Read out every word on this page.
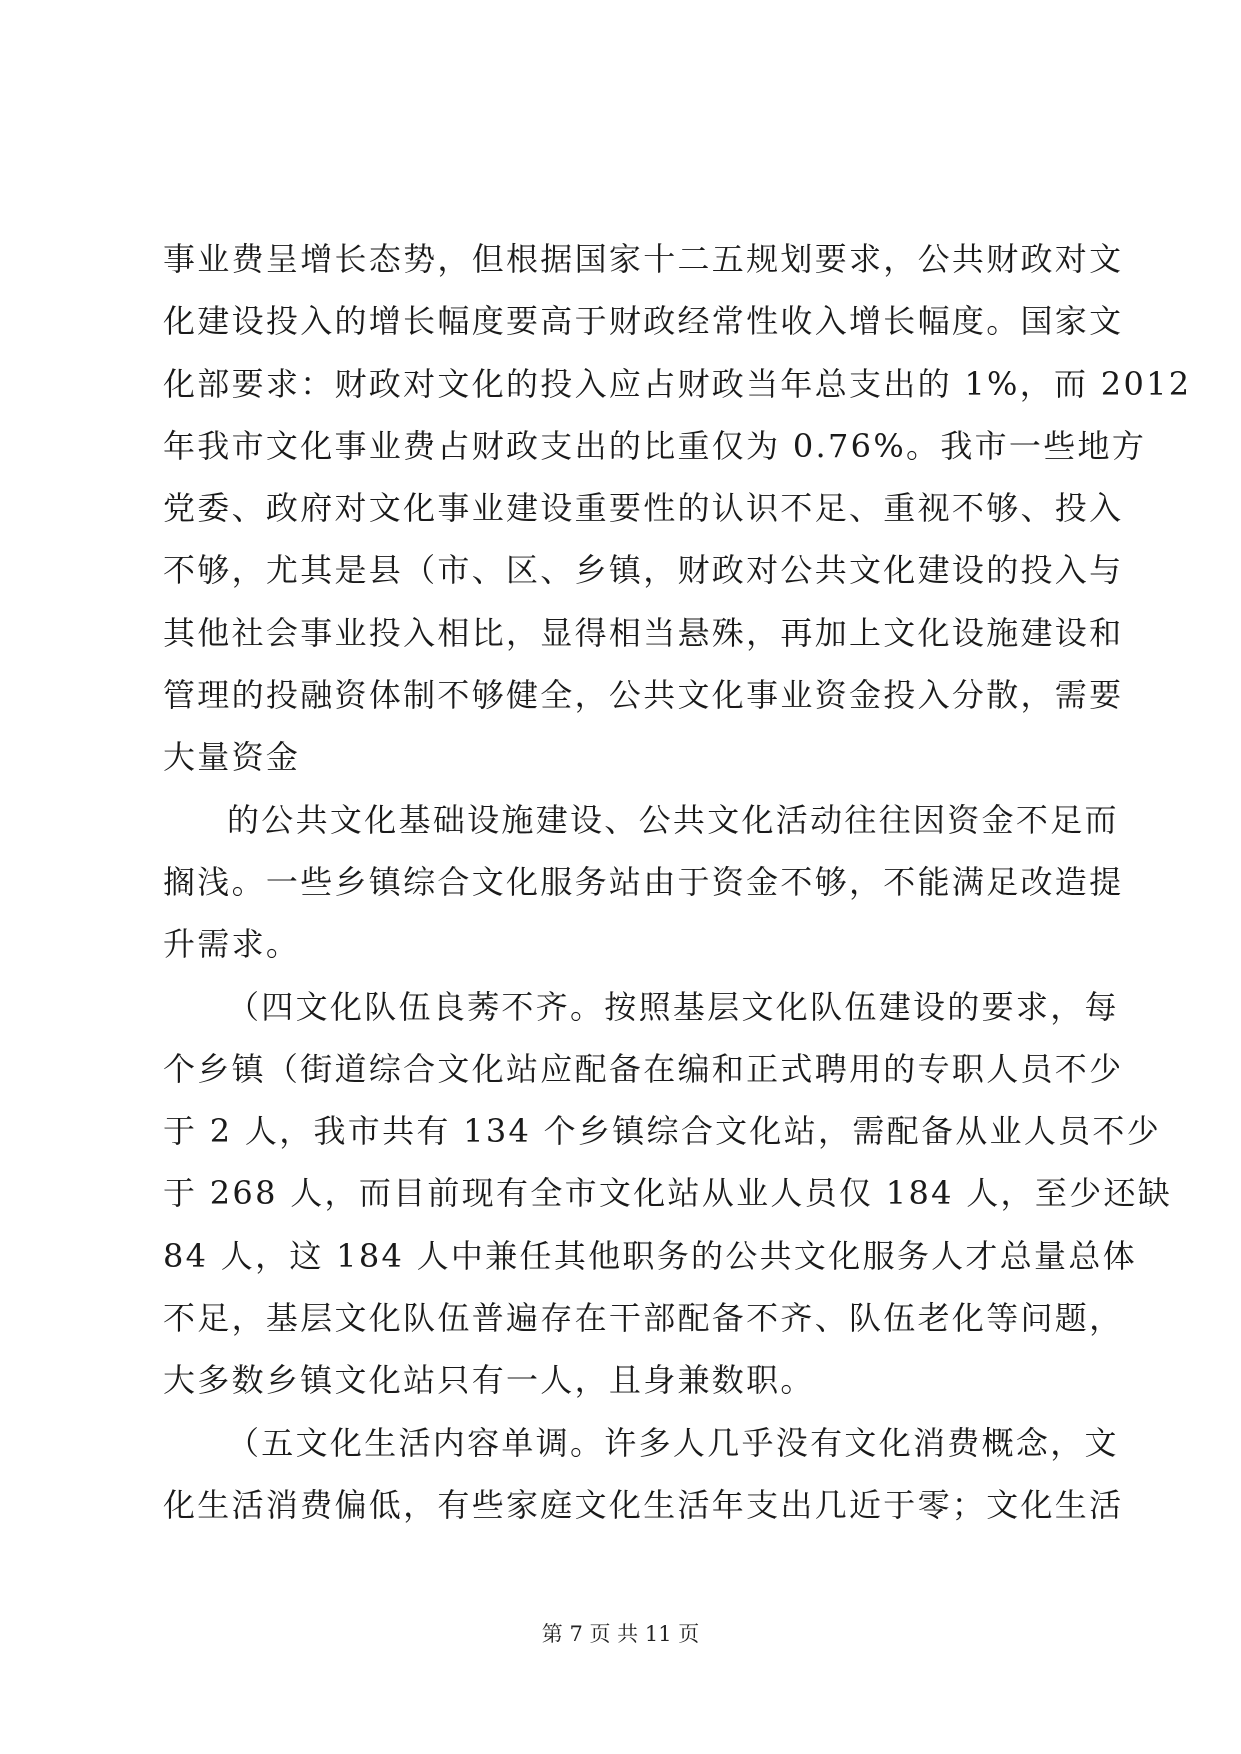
事业费呈增长态势，但根据国家十二五规划要求，公共财政对文
化建设投入的增长幅度要高于财政经常性收入增长幅度。国家文
化部要求：财政对文化的投入应占财政当年总支出的 1%，而 2012
年我市文化事业费占财政支出的比重仅为 0.76%。我市一些地方
党委、政府对文化事业建设重要性的认识不足、重视不够、投入
不够，尤其是县（市、区、乡镇，财政对公共文化建设的投入与
其他社会事业投入相比，显得相当悬殊，再加上文化设施建设和
管理的投融资体制不够健全，公共文化事业资金投入分散，需要
大量资金
的公共文化基础设施建设、公共文化活动往往因资金不足而
搁浅。一些乡镇综合文化服务站由于资金不够，不能满足改造提
升需求。
（四文化队伍良莠不齐。按照基层文化队伍建设的要求，每
个乡镇（街道综合文化站应配备在编和正式聘用的专职人员不少
于 2 人，我市共有 134 个乡镇综合文化站，需配备从业人员不少
于 268 人，而目前现有全市文化站从业人员仅 184 人，至少还缺
84 人，这 184 人中兼任其他职务的公共文化服务人才总量总体
不足，基层文化队伍普遍存在干部配备不齐、队伍老化等问题，
大多数乡镇文化站只有一人，且身兼数职。
（五文化生活内容单调。许多人几乎没有文化消费概念，文
化生活消费偏低，有些家庭文化生活年支出几近于零；文化生活
第 7 页 共 11 页
